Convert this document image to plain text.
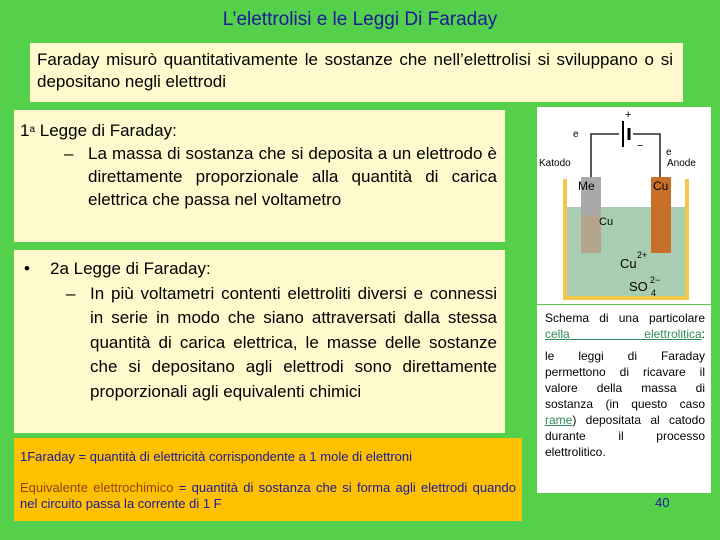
L’elettrolisi e le Leggi Di Faraday
Faraday misurò quantitativamente le sostanze che nell’elettrolisi si sviluppano o si depositano negli elettrodi
1$^a$ Legge di Faraday:
– La massa di sostanza che si deposita a un elettrodo è direttamente proporzionale alla quantità di carica elettrica che passa nel voltametro
• 2a Legge di Faraday:
– In più voltametri contenti elettroliti diversi e connessi in serie in modo che siano attraversati dalla stessa quantità di carica elettrica, le masse delle sostanze che si depositano agli elettrodi sono direttamente proporzionali agli equivalenti chimici
1Faraday = quantità di elettricità corrispondente a 1 mole di elettroni
Equivalente elettrochimico = quantità di sostanza che si forma agli elettrodi quando nel circuito passa la corrente di 1 F
+
−
e
e
Katodo	Anode
Me	Cu
Cu
Cu
2+
SO 4
2−
Schema di una particolare cella elettrolitica:
le leggi di Faraday permettono di ricavare il valore della massa di sostanza (in questo caso rame) depositata al catodo durante il processo elettrolitico.
40
